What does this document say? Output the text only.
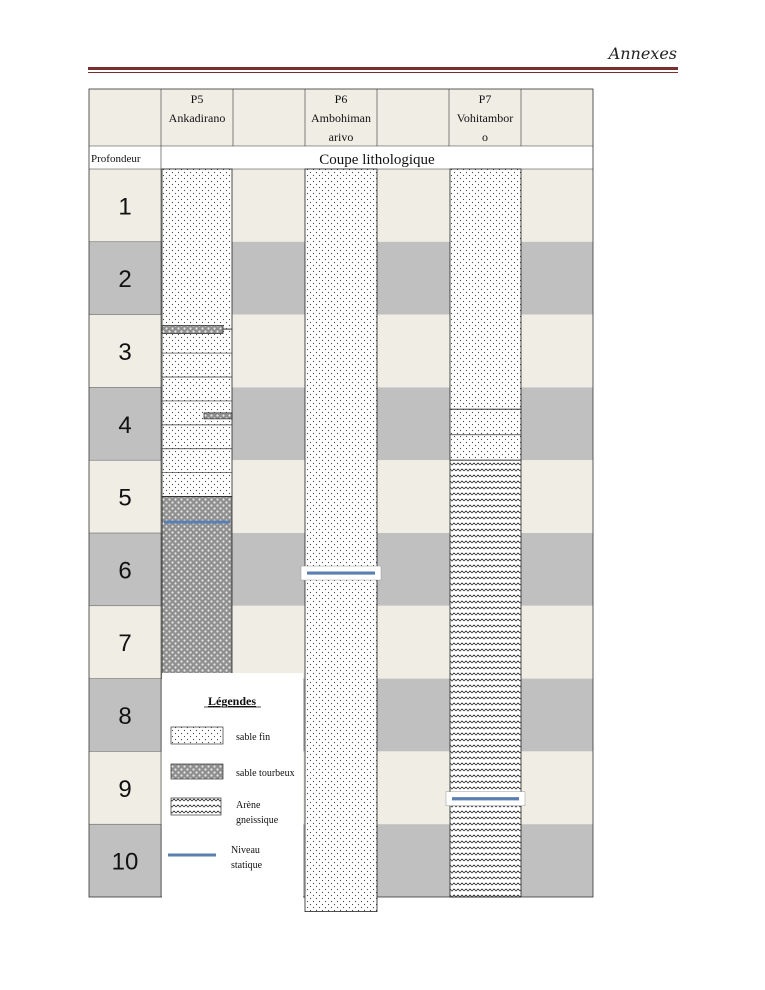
Annexes
P5 Ankadirano
P6 Ambohiman arivo
P7 Vohitambor o
Profondeur	Coupe lithologique
1
2
3
4
5
6
7
8
9
10
Légendes
sable fin
sable tourbeux
Arène gneissique
Niveau statique
